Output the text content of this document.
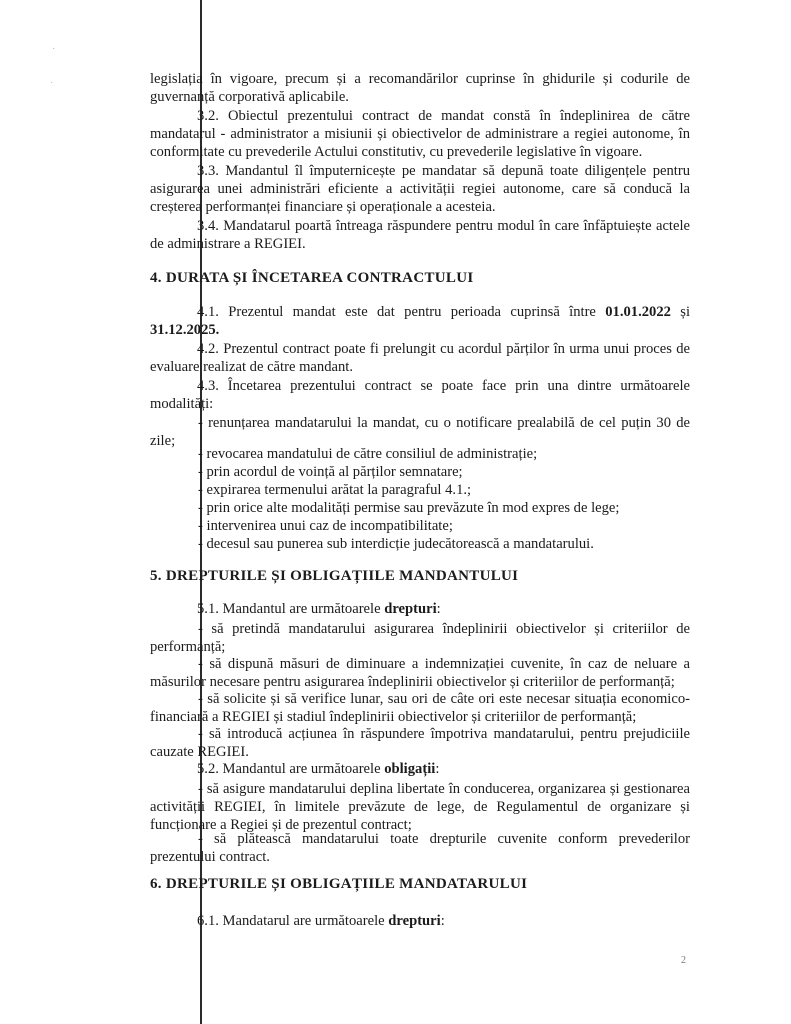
·
·	legislația în vigoare, precum și a recomandărilor cuprinse în ghidurile și codurile de guvernanță corporativă aplicabile.
3.2. Obiectul prezentului contract de mandat constă în îndeplinirea de către mandatarul - administrator a misiunii și obiectivelor de administrare a regiei autonome, în conformitate cu prevederile Actului constitutiv, cu prevederile legislative în vigoare.
3.3. Mandantul îl împuternicește pe mandatar să depună toate diligențele pentru asigurarea unei administrări eficiente a activității regiei autonome, care să conducă la creșterea performanței financiare și operaționale a acesteia.
3.4. Mandatarul poartă întreaga răspundere pentru modul în care înfăptuiește actele de administrare a REGIEI.
4. DURATA ȘI ÎNCETAREA CONTRACTULUI
4.1. Prezentul mandat este dat pentru perioada cuprinsă între 01.01.2022 și 31.12.2025.
4.2. Prezentul contract poate fi prelungit cu acordul părților în urma unui proces de evaluare realizat de către mandant.
4.3. Încetarea prezentului contract se poate face prin una dintre următoarele modalități:
- renunțarea mandatarului la mandat, cu o notificare prealabilă de cel puțin 30 de zile;
- revocarea mandatului de către consiliul de administrație;
- prin acordul de voință al părților semnatare;
- expirarea termenului arătat la paragraful 4.1.;
- prin orice alte modalități permise sau prevăzute în mod expres de lege;
- intervenirea unui caz de incompatibilitate;
- decesul sau punerea sub interdicție judecătorească a mandatarului.
5. DREPTURILE ȘI OBLIGAȚIILE MANDANTULUI
5.1. Mandantul are următoarele drepturi:
- să pretindă mandatarului asigurarea îndeplinirii obiectivelor și criteriilor de performanță;
- să dispună măsuri de diminuare a indemnizației cuvenite, în caz de neluare a măsurilor necesare pentru asigurarea îndeplinirii obiectivelor și criteriilor de performanță;
- să solicite și să verifice lunar, sau ori de câte ori este necesar situația economico-financiară a REGIEI și stadiul îndeplinirii obiectivelor și criteriilor de performanță;
- să introducă acțiunea în răspundere împotriva mandatarului, pentru prejudiciile cauzate REGIEI.
5.2. Mandantul are următoarele obligații:
- să asigure mandatarului deplina libertate în conducerea, organizarea și gestionarea activității REGIEI, în limitele prevăzute de lege, de Regulamentul de organizare și funcționare a Regiei și de prezentul contract;
- să plătească mandatarului toate drepturile cuvenite conform prevederilor prezentului contract.
6. DREPTURILE ȘI OBLIGAȚIILE MANDATARULUI
6.1. Mandatarul are următoarele drepturi:
2
